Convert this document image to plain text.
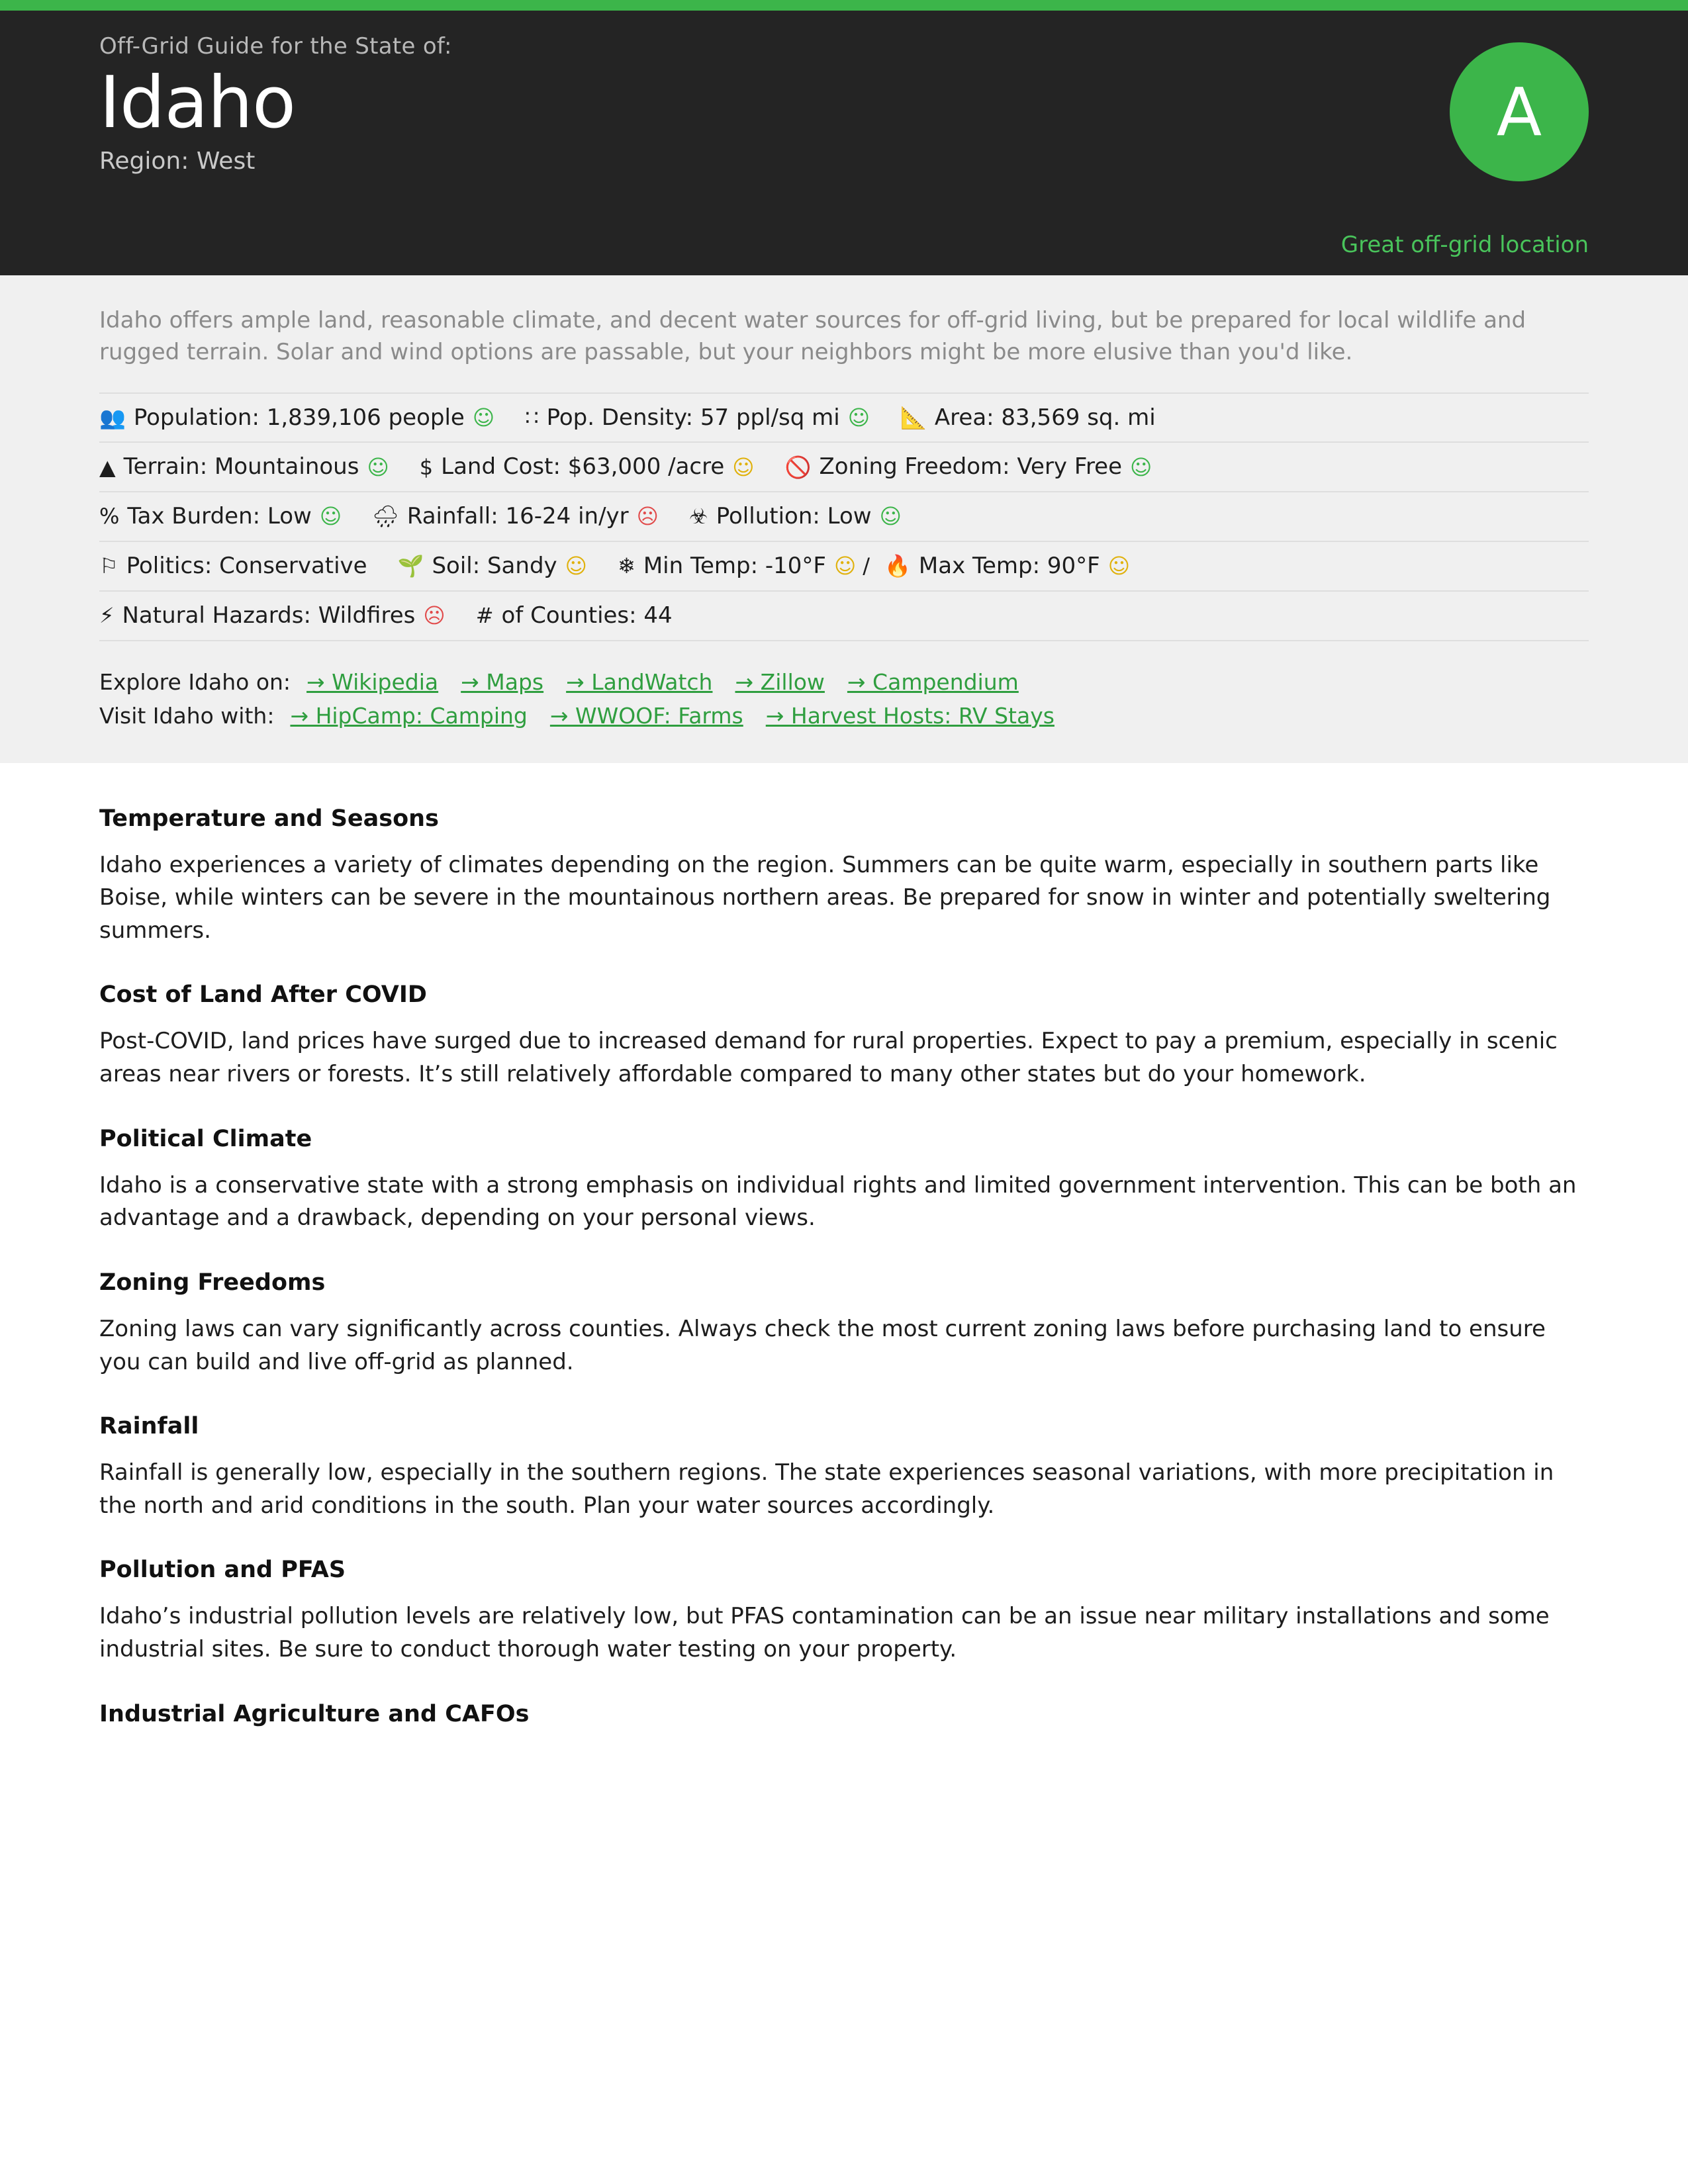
Off-Grid Guide for the State of:
Idaho
Region: West
A
Great off-grid location
Idaho offers ample land, reasonable climate, and decent water sources for off-grid living, but be prepared for local wildlife and rugged terrain. Solar and wind options are passable, but your neighbors might be more elusive than you'd like.
👥 Population: 1,839,106 people ☺ ∷ Pop. Density: 57 ppl/sq mi ☺ 📐 Area: 83,569 sq. mi
▲ Terrain: Mountainous ☺ $ Land Cost: $63,000 /acre ☺ 🚫 Zoning Freedom: Very Free ☺
% Tax Burden: Low ☺ 🌧 Rainfall: 16-24 in/yr ☹ ☣ Pollution: Low ☺
⚐ Politics: Conservative 🌱 Soil: Sandy ☺ ❄ Min Temp: -10°F ☺ / 🔥 Max Temp: 90°F ☺
⚡ Natural Hazards: Wildfires ☹ # of Counties: 44
Explore Idaho on: → Wikipedia → Maps → LandWatch → Zillow → Campendium
Visit Idaho with: → HipCamp: Camping → WWOOF: Farms → Harvest Hosts: RV Stays
Temperature and Seasons

Idaho experiences a variety of climates depending on the region. Summers can be quite warm, especially in southern parts like Boise, while winters can be severe in the mountainous northern areas. Be prepared for snow in winter and potentially sweltering summers.

Cost of Land After COVID

Post-COVID, land prices have surged due to increased demand for rural properties. Expect to pay a premium, especially in scenic areas near rivers or forests. It’s still relatively affordable compared to many other states but do your homework.

Political Climate

Idaho is a conservative state with a strong emphasis on individual rights and limited government intervention. This can be both an advantage and a drawback, depending on your personal views.

Zoning Freedoms

Zoning laws can vary significantly across counties. Always check the most current zoning laws before purchasing land to ensure you can build and live off-grid as planned.

Rainfall

Rainfall is generally low, especially in the southern regions. The state experiences seasonal variations, with more precipitation in the north and arid conditions in the south. Plan your water sources accordingly.

Pollution and PFAS

Idaho’s industrial pollution levels are relatively low, but PFAS contamination can be an issue near military installations and some industrial sites. Be sure to conduct thorough water testing on your property.

Industrial Agriculture and CAFOs
